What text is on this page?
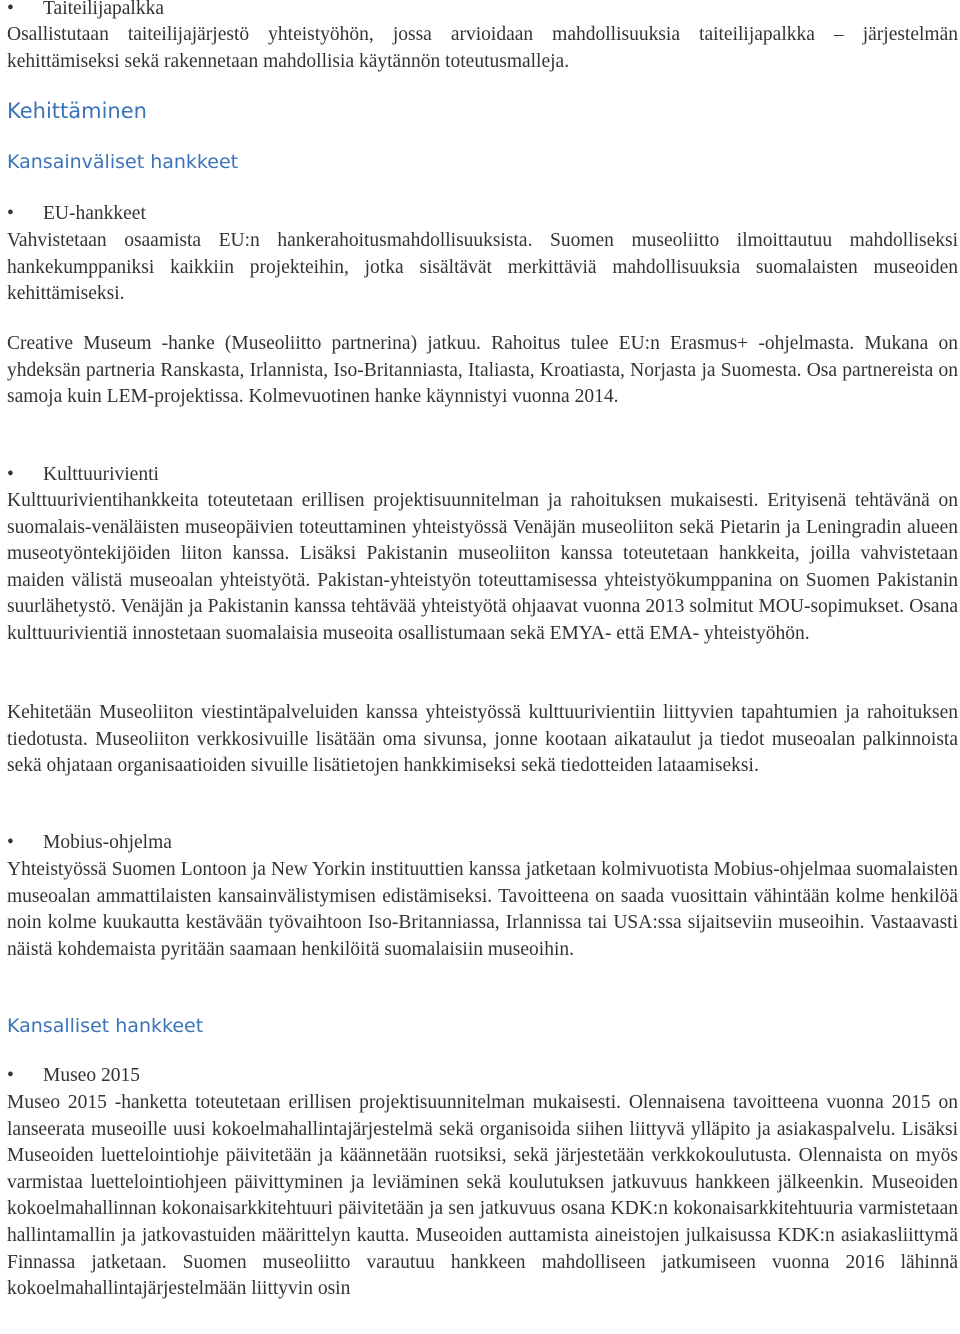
• Taiteilijapalkka

Osallistutaan taiteilijajärjestö yhteistyöhön, jossa arvioidaan mahdollisuuksia taiteilijapalkka – järjestelmän kehittämiseksi sekä rakennetaan mahdollisia käytännön toteutusmalleja.

Kehittäminen
Kansainväliset hankkeet
• EU-hankkeet

Vahvistetaan osaamista EU:n hankerahoitusmahdollisuuksista. Suomen museoliitto ilmoittautuu mahdolliseksi hankekumppaniksi kaikkiin projekteihin, jotka sisältävät merkittäviä mahdollisuuksia suomalaisten museoiden kehittämiseksi.

Creative Museum -hanke (Museoliitto partnerina) jatkuu. Rahoitus tulee EU:n Erasmus+ -ohjelmasta. Mukana on yhdeksän partneria Ranskasta, Irlannista, Iso-Britanniasta, Italiasta, Kroatiasta, Norjasta ja Suomesta. Osa partnereista on samoja kuin LEM-projektissa. Kolmevuotinen hanke käynnistyi vuonna 2014.

• Kulttuurivienti

Kulttuurivientihankkeita toteutetaan erillisen projektisuunnitelman ja rahoituksen mukaisesti. Erityisenä tehtävänä on suomalais-venäläisten museopäivien toteuttaminen yhteistyössä Venäjän museoliiton sekä Pietarin ja Leningradin alueen museotyöntekijöiden liiton kanssa. Lisäksi Pakistanin museoliiton kanssa toteutetaan hankkeita, joilla vahvistetaan maiden välistä museoalan yhteistyötä. Pakistan-yhteistyön toteuttamisessa yhteistyökumppanina on Suomen Pakistanin suurlähetystö. Venäjän ja Pakistanin kanssa tehtävää yhteistyötä ohjaavat vuonna 2013 solmitut MOU-sopimukset. Osana kulttuurivientiä innostetaan suomalaisia museoita osallistumaan sekä EMYA- että EMA- yhteistyöhön.

Kehitetään Museoliiton viestintäpalveluiden kanssa yhteistyössä kulttuurivientiin liittyvien tapahtumien ja rahoituksen tiedotusta. Museoliiton verkkosivuille lisätään oma sivunsa, jonne kootaan aikataulut ja tiedot museoalan palkinnoista sekä ohjataan organisaatioiden sivuille lisätietojen hankkimiseksi sekä tiedotteiden lataamiseksi.

• Mobius-ohjelma

Yhteistyössä Suomen Lontoon ja New Yorkin instituuttien kanssa jatketaan kolmivuotista Mobius-ohjelmaa suomalaisten museoalan ammattilaisten kansainvälistymisen edistämiseksi. Tavoitteena on saada vuosittain vähintään kolme henkilöä noin kolme kuukautta kestävään työvaihtoon Iso-Britanniassa, Irlannissa tai USA:ssa sijaitseviin museoihin. Vastaavasti näistä kohdemaista pyritään saamaan henkilöitä suomalaisiin museoihin.

Kansalliset hankkeet
• Museo 2015

Museo 2015 -hanketta toteutetaan erillisen projektisuunnitelman mukaisesti. Olennaisena tavoitteena vuonna 2015 on lanseerata museoille uusi kokoelmahallintajärjestelmä sekä organisoida siihen liittyvä ylläpito ja asiakaspalvelu. Lisäksi Museoiden luettelointiohje päivitetään ja käännetään ruotsiksi, sekä järjestetään verkkokoulutusta. Olennaista on myös varmistaa luettelointiohjeen päivittyminen ja leviäminen sekä koulutuksen jatkuvuus hankkeen jälkeenkin. Museoiden kokoelmahallinnan kokonaisarkkitehtuuri päivitetään ja sen jatkuvuus osana KDK:n kokonaisarkkitehtuuria varmistetaan hallintamallin ja jatkovastuiden määrittelyn kautta. Museoiden auttamista aineistojen julkaisussa KDK:n asiakasliittymä Finnassa jatketaan. Suomen museoliitto varautuu hankkeen mahdolliseen jatkumiseen vuonna 2016 lähinnä kokoelmahallintajärjestelmään liittyvin osin
